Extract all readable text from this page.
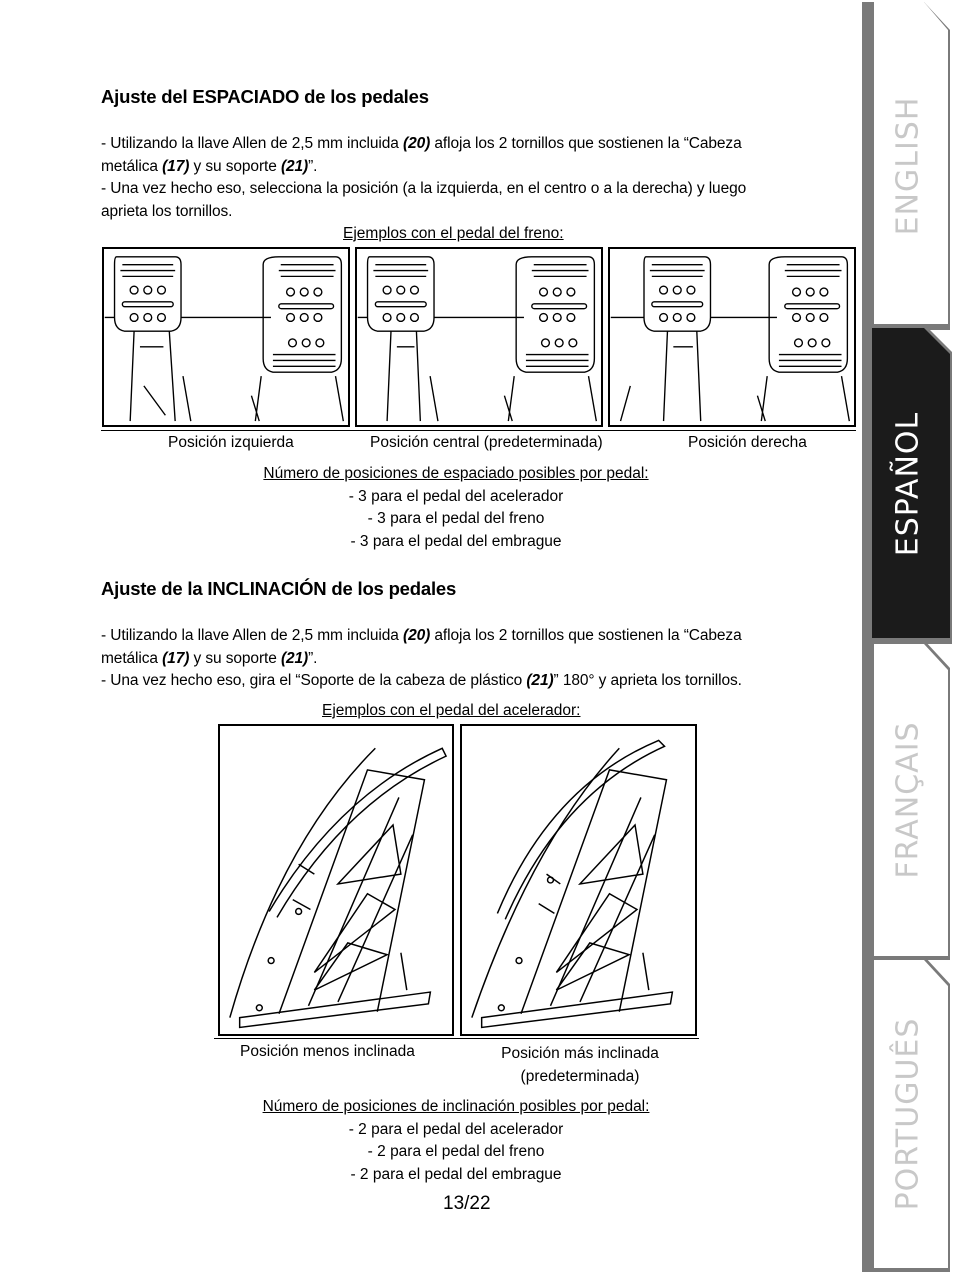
Ajuste del ESPACIADO de los pedales
- Utilizando la llave Allen de 2,5 mm incluida (20) afloja los 2 tornillos que sostienen la “Cabeza
metálica (17) y su soporte (21)”.
- Una vez hecho eso, selecciona la posición (a la izquierda, en el centro o a la derecha) y luego
aprieta los tornillos.
Ejemplos con el pedal del freno:
Posición izquierda	Posición central (predeterminada)	Posición derecha
Número de posiciones de espaciado posibles por pedal:
- 3 para el pedal del acelerador
- 3 para el pedal del freno
- 3 para el pedal del embrague
Ajuste de la INCLINACIÓN de los pedales
- Utilizando la llave Allen de 2,5 mm incluida (20) afloja los 2 tornillos que sostienen la “Cabeza
metálica (17) y su soporte (21)”.
- Una vez hecho eso, gira el “Soporte de la cabeza de plástico (21)” 180° y aprieta los tornillos.
Ejemplos con el pedal del acelerador:
Posición menos inclinada	Posición más inclinada
(predeterminada)
Número de posiciones de inclinación posibles por pedal:
- 2 para el pedal del acelerador
- 2 para el pedal del freno
- 2 para el pedal del embrague
13/22
ENGLISH
ESPAÑOL
FRANÇAIS
PORTUGUÊS
